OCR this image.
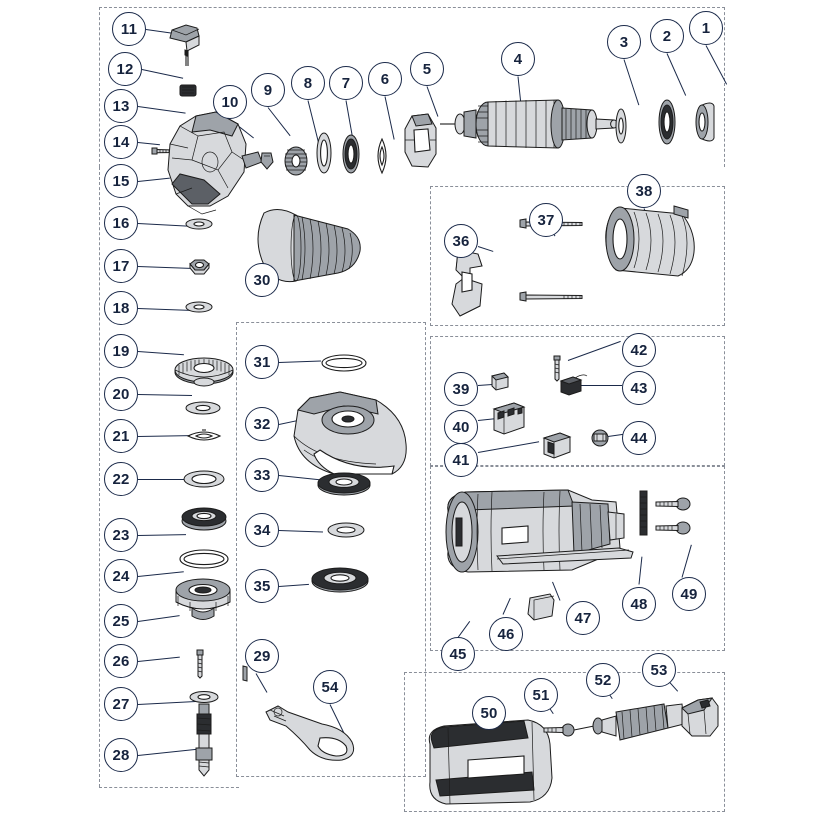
11
12
13
14
15
16
17
18
19
20
21
22
23
24
25
26
27
28
10
9	8	7	6
5
4
3	2	1
30
31
32
33
34
35
29
54
36
37
38
39
40
41
42
43
44
45
46
47
48
49
50
51
52
53
